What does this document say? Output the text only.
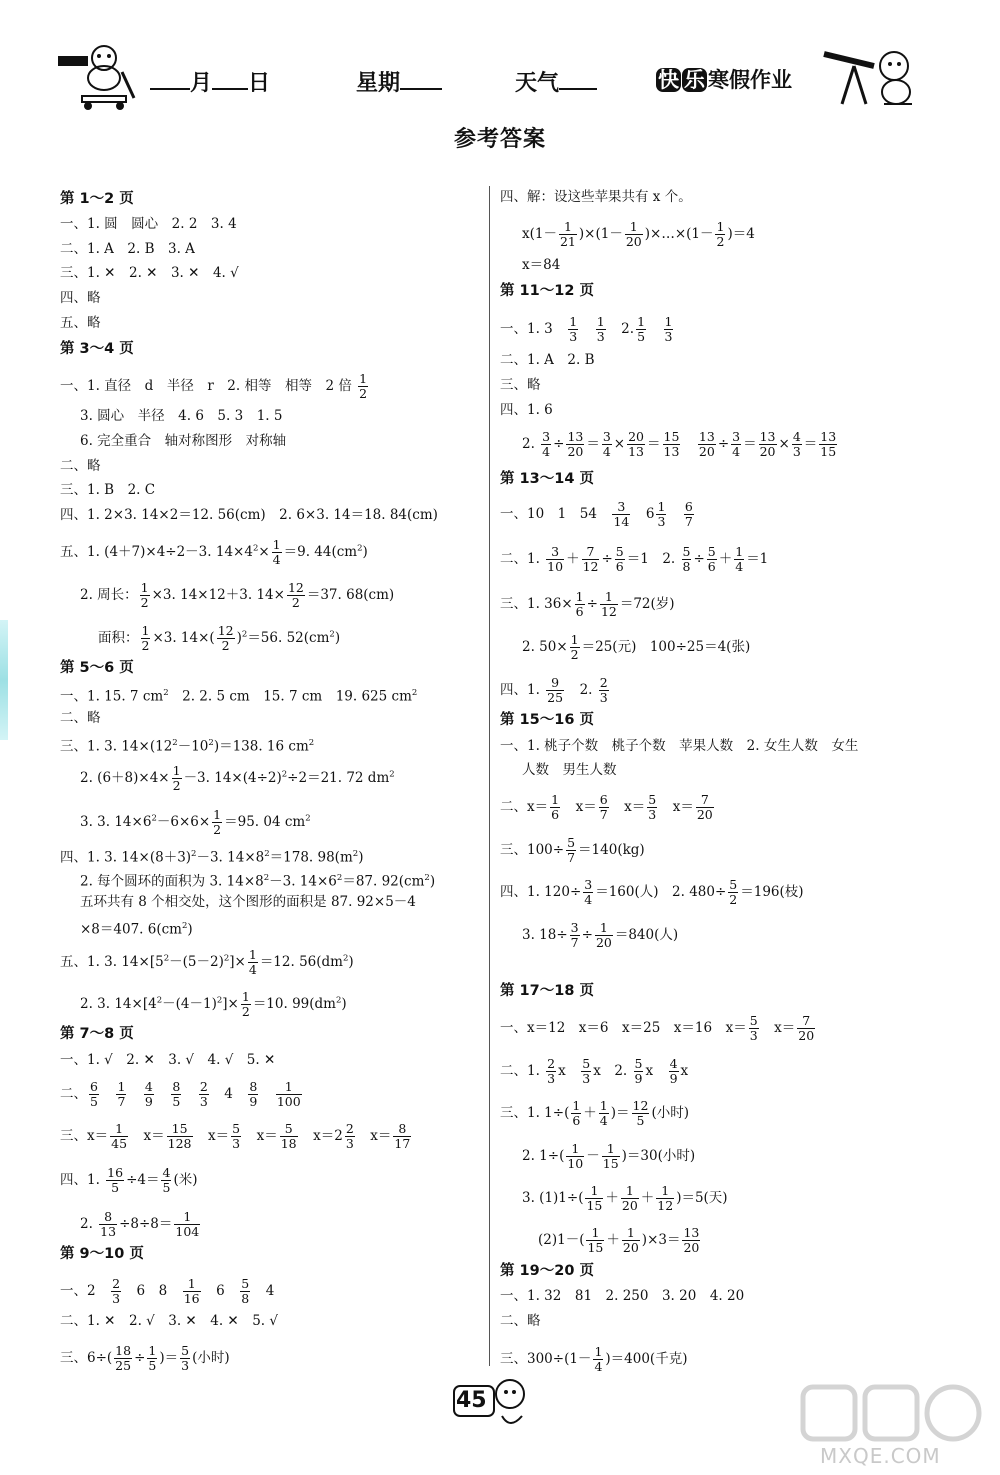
月 日	星期	天气	快 乐 寒假作业
参考答案
第 1～2 页
一、1. 圆　圆心　2. 2　3. 4
二、1. A　2. B　3. A
三、1. ✕　2. ✕　3. ✕　4. √
四、略
五、略
第 3～4 页
一、1. 直径　d　半径　r　2. 相等　相等　2 倍 $\frac{1}{2}$
3. 圆心　半径　4. 6　5. 3　1. 5
6. 完全重合　轴对称图形　对称轴
二、略
三、1. B　2. C
四、1. 2×3. 14×2＝12. 56(cm)　2. 6×3. 14＝18. 84(cm)
五、1. (4＋7)×4÷2－3. $14\times 4^2\times \frac{1}{4} =9$. $44(cm^2)$
2. 周长： $\frac{1}{2} \times 3$. 14×12＋3. $14\times \frac{12}{2} =37$. 68(cm)
面积： $\frac{1}{2} \times 3$. $14\times( \frac{12}{2} )^2=56$. $52(cm^2)$
第 5～6 页
一、1. 15. 7 $cm^2$　2. 2. 5 cm　15. 7 cm　19. 625 $cm^2$
二、略
三、1. 3. $14\times(12^2-10^2)=138$. 16 $cm^2$
2. $(6+8)\times 4\times \frac{1}{2} -3$. $14\times(4\div 2)^2\div 2=21$. 72 $dm^2$
3. 3. $14\times 6^2-6\times 6\times \frac{1}{2} =95$. 04 $cm^2$
四、1. 3. $14\times(8+3)^2-3$. $14\times 8^2=178$. $98(m^2)$
2. 每个圆环的面积为 3. $14\times 8^2-3$. $14\times 6^2=87$. $92(cm^2)$
五环共有 8 个相交处，这个图形的面积是 87. 92×5－4
×8＝407. $6(cm^2)$
五、1. 3. $14\times[5^2-(5-2)^2]\times \frac{1}{4} =12$. $56(dm^2)$
2. 3. $14\times[4^2-(4-1)^2]\times \frac{1}{2} =10$. $99(dm^2)$
第 7～8 页
一、1. √　2. ✕　3. √　4. √　5. ✕
二、 $\frac{6}{5}$
　 $\frac{1}{7}$
　 $\frac{4}{9}$
　 $\frac{8}{5}$
　 $\frac{2}{3}$
　 4　 $\frac{8}{9}$
　 $\frac{1}{100}$
三、$x= \frac{1}{45}$
　 $x= \frac{15}{128}$
　 $x= \frac{5}{3}$
　 $x= \frac{5}{18}$
　 $x=2 \frac{2}{3}$
　 $x= \frac{8}{17}$
四、1. $\frac{16}{5} \div 4= \frac{4}{5}$ (米)
2. $\frac{8}{13} \div 8\div 8= \frac{1}{104}$
第 9～10 页
一、2　 $\frac{2}{3}$
　 6　8　 $\frac{1}{16}$
　 6　 $\frac{5}{8}$
　 4
二、1. ✕　2. √　3. ✕　4. ✕　5. √
三、$6\div( \frac{18}{25} \div \frac{1}{5}$ )＝ $\frac{5}{3}$ (小时)
四、解：设这些苹果共有 x 个。
$x(1- \frac{1}{21} )\times(1- \frac{1}{20}$ )×…×(1－ $\frac{1}{2} )=4$
x＝84
第 11～12 页
一、1. 3　 $\frac{1}{3}$
　 $\frac{1}{3}$
　 2. $\frac{1}{5}$
　 $\frac{1}{3}$
二、1. A　2. B
三、略
四、1. 6
2. $\frac{3}{4} \div \frac{13}{20} = \frac{3}{4} \times \frac{20}{13} = \frac{15}{13}$
　 $\frac{13}{20} \div \frac{3}{4} = \frac{13}{20} \times \frac{4}{3} = \frac{13}{15}$
第 13～14 页
一、10　1　54　 $\frac{3}{14}$
　 $6 \frac{1}{3}$
　 $\frac{6}{7}$
二、1. $\frac{3}{10} + \frac{7}{12} \div \frac{5}{6} =1$　2. $\frac{5}{8} \div \frac{5}{6} + \frac{1}{4} =1$
三、1. $36\times \frac{1}{6} \div \frac{1}{12} =72$(岁)
2. $50\times \frac{1}{2} =25$(元)　100÷25＝4(张)
四、1. $\frac{9}{25}$
　 2. $\frac{2}{3}$
第 15～16 页
一、1. 桃子个数　桃子个数　苹果人数　2. 女生人数　女生
人数　男生人数
二、$x= \frac{1}{6}$
　 $x= \frac{6}{7}$
　 $x= \frac{5}{3}$
　 $x= \frac{7}{20}$
三、$100\div \frac{5}{7} =140(kg)$
四、1. $120\div \frac{3}{4} =160$(人)　2. $480\div \frac{5}{2} =196$(枝)
3. $18\div \frac{3}{7} \div \frac{1}{20} =840$(人)
第 17～18 页
一、x＝12　x＝6　x＝25　x＝16　$x= \frac{5}{3}$
　 $x= \frac{7}{20}$
二、1. $\frac{2}{3}$ x　 $\frac{5}{3}$ x　2. $\frac{5}{9}$ x　 $\frac{4}{9}$ x
三、1. $1\div( \frac{1}{6} + \frac{1}{4}$ )＝ $\frac{12}{5}$ (小时)
2. $1\div( \frac{1}{10} - \frac{1}{15} )=30$(小时)
3. $(1)1\div( \frac{1}{15} + \frac{1}{20} + \frac{1}{12} )=5$(天)
$(2)1-( \frac{1}{15} + \frac{1}{20} )\times 3= \frac{13}{20}$
第 19～20 页
一、1. 32　81　2. 250　3. 20　4. 20
二、略
三、$300\div(1- \frac{1}{4} )=400$(千克)
45
MXQE.COM
